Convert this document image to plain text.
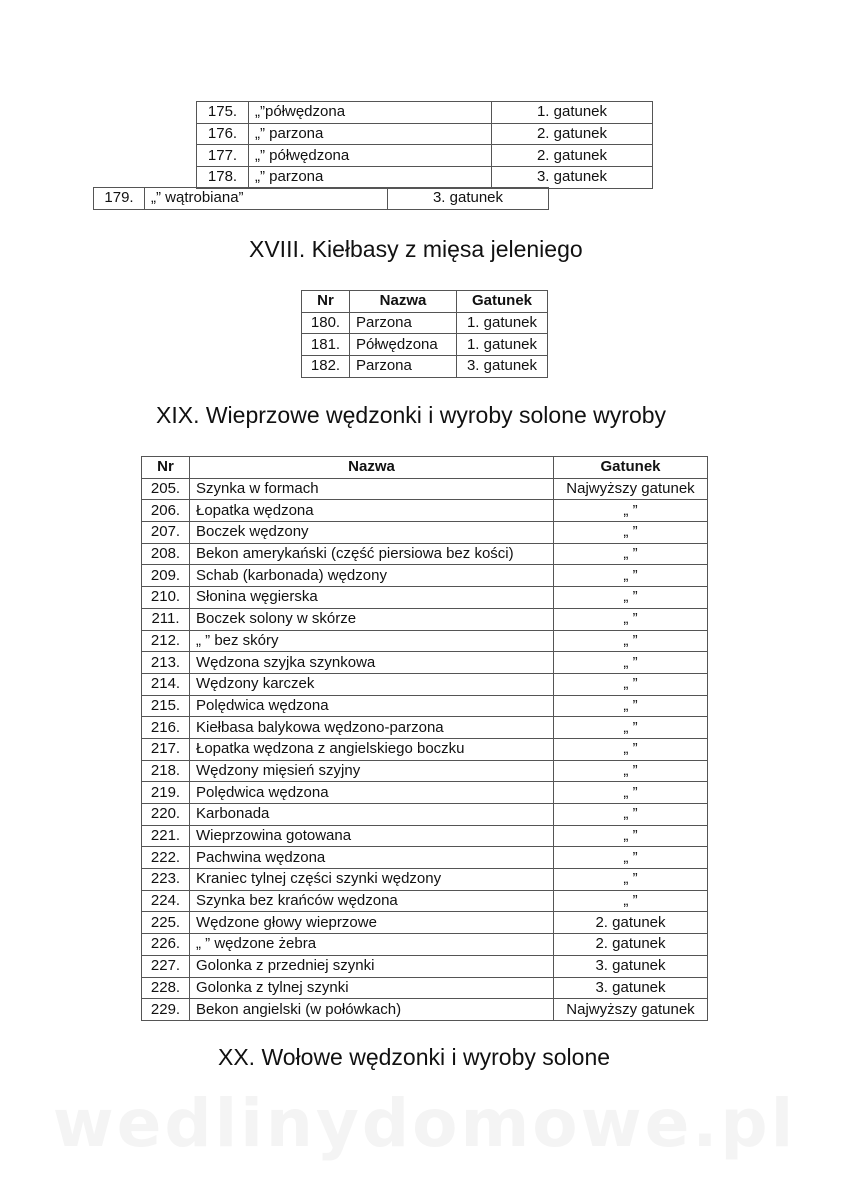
175.	„”półwędzona	1. gatunek
176.	„” parzona	2. gatunek
177.	„” półwędzona	2. gatunek
178.	„” parzona	3. gatunek
179.	„” wątrobiana”	3. gatunek
XVIII. Kiełbasy z mięsa jeleniego
Nr	Nazwa	Gatunek
180.	Parzona	1. gatunek
181.	Półwędzona	1. gatunek
182.	Parzona	3. gatunek
XIX. Wieprzowe wędzonki i wyroby solone wyroby
Nr	Nazwa	Gatunek
205.	Szynka w formach	Najwyższy gatunek
206.	Łopatka wędzona	„ ”
207.	Boczek wędzony	„ ”
208.	Bekon amerykański (część piersiowa bez kości)	„ ”
209.	Schab (karbonada) wędzony	„ ”
210.	Słonina węgierska	„ ”
211.	Boczek solony w skórze	„ ”
212.	„ ” bez skóry	„ ”
213.	Wędzona szyjka szynkowa	„ ”
214.	Wędzony karczek	„ ”
215.	Polędwica wędzona	„ ”
216.	Kiełbasa balykowa wędzono-parzona	„ ”
217.	Łopatka wędzona z angielskiego boczku	„ ”
218.	Wędzony mięsień szyjny	„ ”
219.	Polędwica wędzona	„ ”
220.	Karbonada	„ ”
221.	Wieprzowina gotowana	„ ”
222.	Pachwina wędzona	„ ”
223.	Kraniec tylnej części szynki wędzony	„ ”
224.	Szynka bez krańców wędzona	„ ”
225.	Wędzone głowy wieprzowe	2. gatunek
226.	„ ” wędzone żebra	2. gatunek
227.	Golonka z przedniej szynki	3. gatunek
228.	Golonka z tylnej szynki	3. gatunek
229.	Bekon angielski (w połówkach)	Najwyższy gatunek
XX. Wołowe wędzonki i wyroby solone
wedlinydomowe.pl
